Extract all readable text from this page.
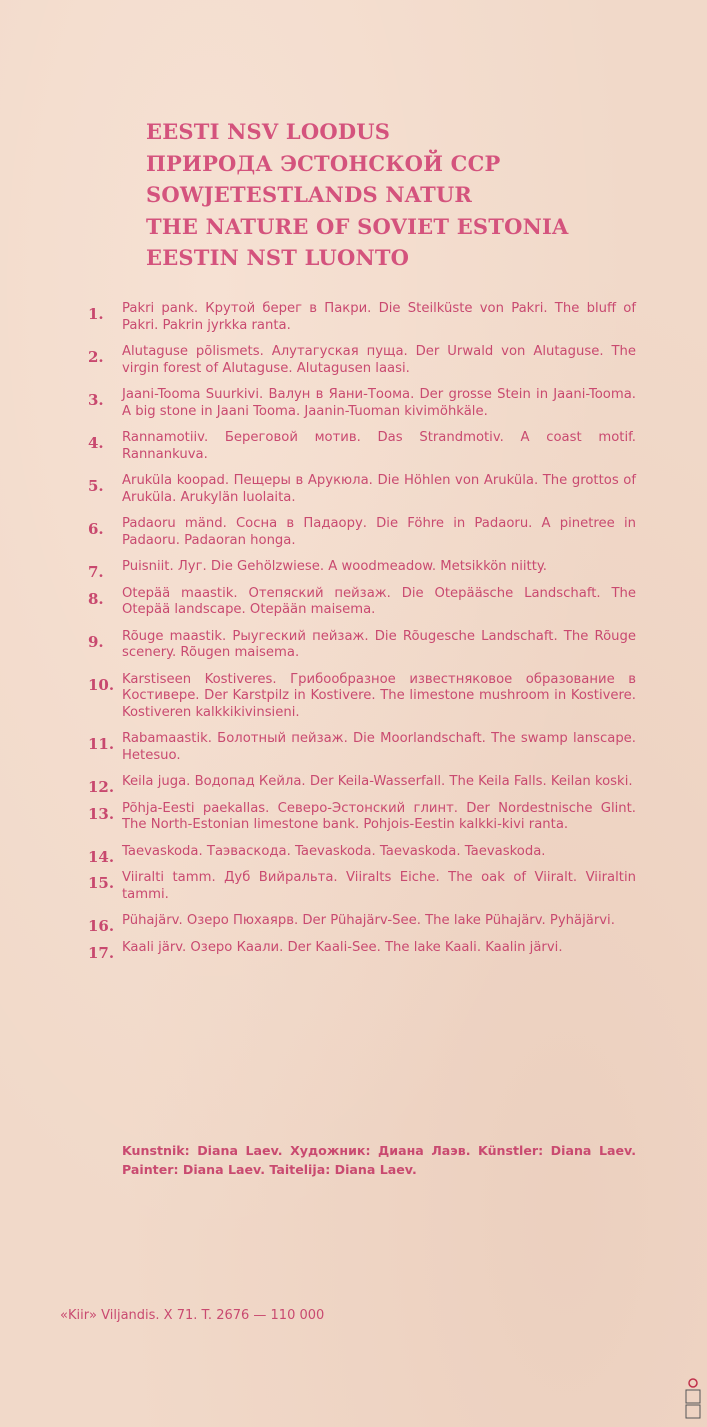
EESTI NSV LOODUS
ПРИРОДА ЭСТОНСКОЙ ССР
SOWJETESTLANDS NATUR
THE NATURE OF SOVIET ESTONIA
EESTIN NST LUONTO
1. Pakri pank. Крутой берег в Пакри. Die Steilküste von Pakri. The bluff of Pakri. Pakrin jyrkka ranta.
2. Alutaguse põlismets. Алутагуская пуща. Der Urwald von Alutaguse. The virgin forest of Alutaguse. Alutagusen laasi.
3. Jaani-Tooma Suurkivi. Валун в Яани-Тоома. Der grosse Stein in Jaani-Tooma. A big stone in Jaani Tooma. Jaanin-Tuoman kivimöhkäle.
4. Rannamotiiv. Береговой мотив. Das Strandmotiv. A coast motif. Rannankuva.
5. Aruküla koopad. Пещеры в Арукюла. Die Höhlen von Aruküla. The grottos of Aruküla. Arukylän luolaita.
6. Padaoru mänd. Сосна в Пaдаору. Die Föhre in Padaoru. A pinetree in Padaoru. Padaoran honga.
7. Puisniit. Луг. Die Gehölzwiese. A woodmeadow. Metsikkön niitty.
8. Otepää maastik. Отепяский пейзаж. Die Otepääsche Landschaft. The Otepää landscape. Otepään maisema.
9. Rõuge maastik. Рыугеский пейзаж. Die Rõugesche Landschaft. The Rõuge scenery. Rõugen maisema.
10. Karstiseen Kostiveres. Грибообразное известняковое образование в Костивере. Der Karstpilz in Kostivere. The limestone mushroom in Kostivere. Kostiveren kalkkikivinsieni.
11. Rabamaastik. Болотный пейзаж. Die Moorlandschaft. The swamp lanscape. Hetesuo.
12. Keila juga. Водопад Кейла. Der Keila-Wasserfall. The Keila Falls. Keilan koski.
13. Põhja-Eesti paekallas. Северо-Эстонский глинт. Der Nordestnische Glint. The North-Estonian limestone bank. Pohjois-Eestin kalkki-kivi ranta.
14. Taevaskoda. Таэваскода. Taevaskoda. Taevaskoda. Taevaskoda.
15. Viiralti tamm. Дуб Вийральта. Viiralts Eiche. The oak of Viiralt. Viiraltin tammi.
16. Pühajärv. Озеро Пюхаярв. Der Pühajärv-See. The lake Pühajärv. Pyhäjärvi.
17. Kaali järv. Озеро Каали. Der Kaali-See. The lake Kaali. Kaalin järvi.
Kunstnik: Diana Laev. Художник: Диана Лаэв. Künstler: Diana Laev. Painter: Diana Laev. Taitelija: Diana Laev.
«Kiir» Viljandis. X 71. T. 2676 — 110 000
